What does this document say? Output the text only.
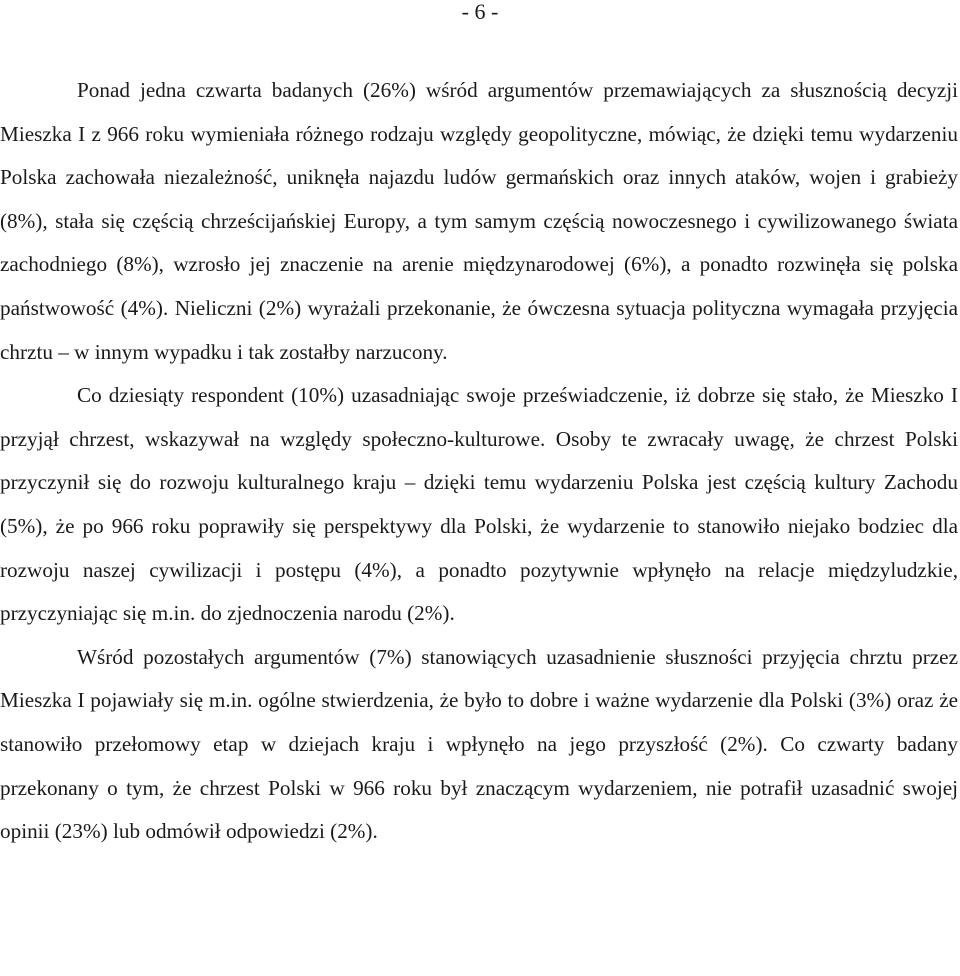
- 6 -

Ponad jedna czwarta badanych (26%) wśród argumentów przemawiających za słusznością decyzji Mieszka I z 966 roku wymieniała różnego rodzaju względy geopolityczne, mówiąc, że dzięki temu wydarzeniu Polska zachowała niezależność, uniknęła najazdu ludów germańskich oraz innych ataków, wojen i grabieży (8%), stała się częścią chrześcijańskiej Europy, a tym samym częścią nowoczesnego i cywilizowanego świata zachodniego (8%), wzrosło jej znaczenie na arenie międzynarodowej (6%), a ponadto rozwinęła się polska państwowość (4%). Nieliczni (2%) wyrażali przekonanie, że ówczesna sytuacja polityczna wymagała przyjęcia chrztu – w innym wypadku i tak zostałby narzucony.

Co dziesiąty respondent (10%) uzasadniając swoje przeświadczenie, iż dobrze się stało, że Mieszko I przyjął chrzest, wskazywał na względy społeczno-kulturowe. Osoby te zwracały uwagę, że chrzest Polski przyczynił się do rozwoju kulturalnego kraju – dzięki temu wydarzeniu Polska jest częścią kultury Zachodu (5%), że po 966 roku poprawiły się perspektywy dla Polski, że wydarzenie to stanowiło niejako bodziec dla rozwoju naszej cywilizacji i postępu (4%), a ponadto pozytywnie wpłynęło na relacje międzyludzkie, przyczyniając się m.in. do zjednoczenia narodu (2%).

Wśród pozostałych argumentów (7%) stanowiących uzasadnienie słuszności przyjęcia chrztu przez Mieszka I pojawiały się m.in. ogólne stwierdzenia, że było to dobre i ważne wydarzenie dla Polski (3%) oraz że stanowiło przełomowy etap w dziejach kraju i wpłynęło na jego przyszłość (2%). Co czwarty badany przekonany o tym, że chrzest Polski w 966 roku był znaczącym wydarzeniem, nie potrafił uzasadnić swojej opinii (23%) lub odmówił odpowiedzi (2%).
